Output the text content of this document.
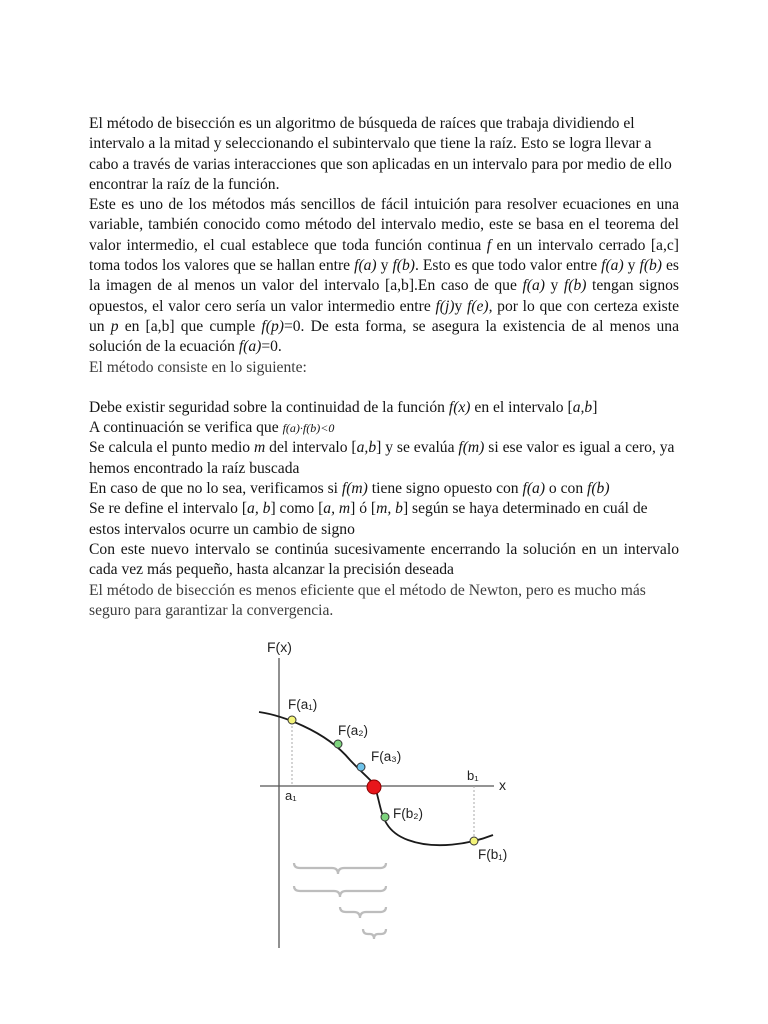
El método de bisección es un algoritmo de búsqueda de raíces que trabaja dividiendo el intervalo a la mitad y seleccionando el subintervalo que tiene la raíz. Esto se logra llevar a cabo a través de varias interacciones que son aplicadas en un intervalo para por medio de ello encontrar la raíz de la función.

Este es uno de los métodos más sencillos de fácil intuición para resolver ecuaciones en una variable, también conocido como método del intervalo medio, este se basa en el teorema del valor intermedio, el cual establece que toda función continua f en un intervalo cerrado [a,c] toma todos los valores que se hallan entre f(a) y f(b). Esto es que todo valor entre f(a) y f(b) es la imagen de al menos un valor del intervalo [a,b].En caso de que f(a) y f(b) tengan signos opuestos, el valor cero sería un valor intermedio entre f(j)y f(e), por lo que con certeza existe un p en [a,b] que cumple f(p)=0. De esta forma, se asegura la existencia de al menos una solución de la ecuación f(a)=0.

El método consiste en lo siguiente:

Debe existir seguridad sobre la continuidad de la función f(x) en el intervalo [a,b]

A continuación se verifica que f(a)·f(b)<0

Se calcula el punto medio m del intervalo [a,b] y se evalúa f(m) si ese valor es igual a cero, ya hemos encontrado la raíz buscada

En caso de que no lo sea, verificamos si f(m) tiene signo opuesto con f(a) o con f(b)

Se re define el intervalo [a, b] como [a, m] ó [m, b] según se haya determinado en cuál de estos intervalos ocurre un cambio de signo

Con este nuevo intervalo se continúa sucesivamente encerrando la solución en un intervalo cada vez más pequeño, hasta alcanzar la precisión deseada

El método de bisección es menos eficiente que el método de Newton, pero es mucho más seguro para garantizar la convergencia.

F(x)
x
a₁
b₁
F(a₁)
F(a₂)
F(a₃)
F(b₂)
F(b₁)
